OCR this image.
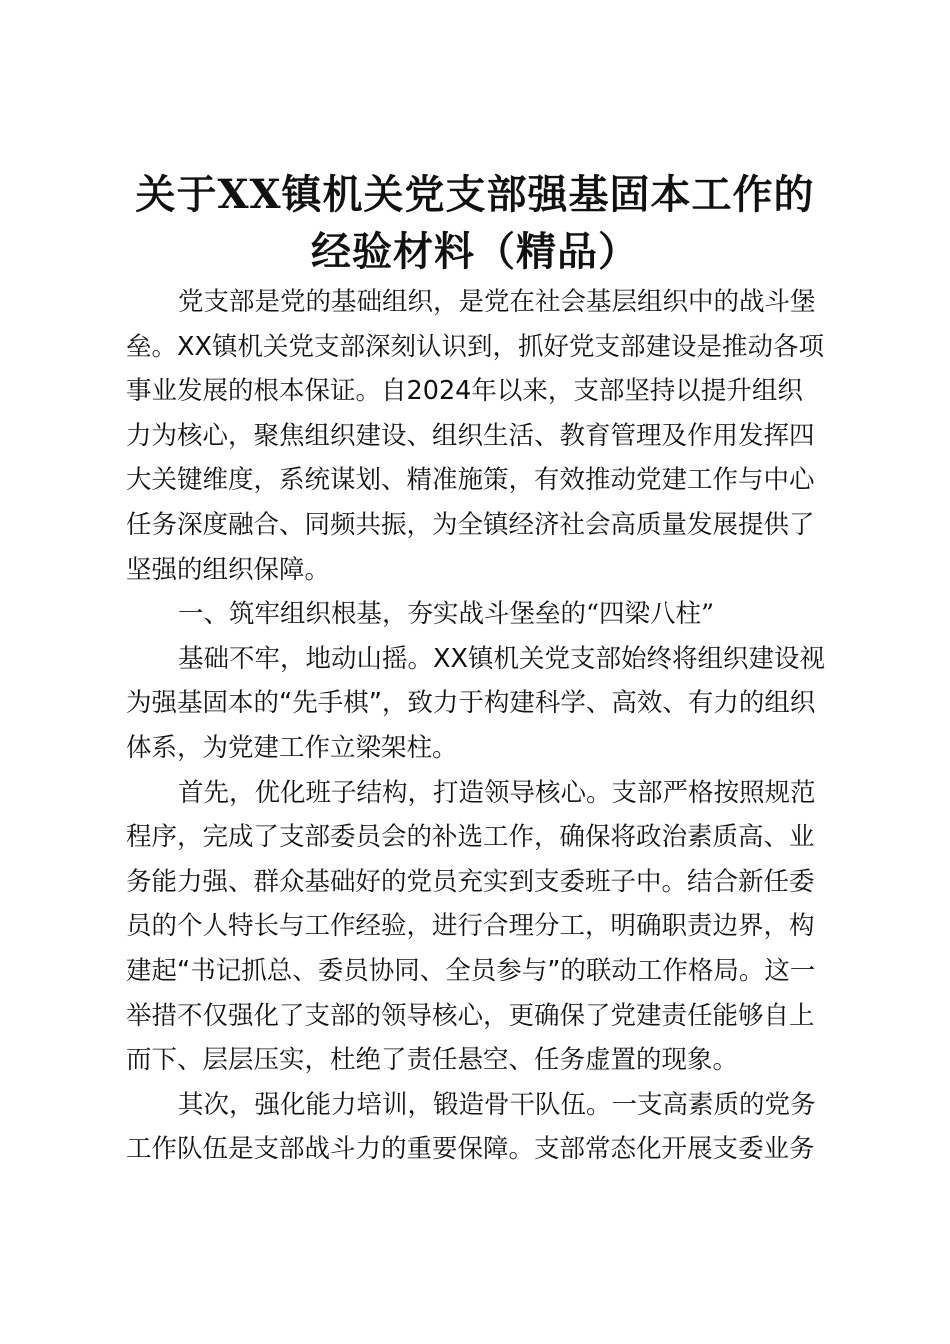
关于XX镇机关党支部强基固本工作的
经验材料（精品）
党支部是党的基础组织，是党在社会基层组织中的战斗堡
垒。XX镇机关党支部深刻认识到，抓好党支部建设是推动各项
事业发展的根本保证。自2024年以来，支部坚持以提升组织
力为核心，聚焦组织建设、组织生活、教育管理及作用发挥四
大关键维度，系统谋划、精准施策，有效推动党建工作与中心
任务深度融合、同频共振，为全镇经济社会高质量发展提供了
坚强的组织保障。
一、筑牢组织根基，夯实战斗堡垒的“四梁八柱”
基础不牢，地动山摇。XX镇机关党支部始终将组织建设视
为强基固本的“先手棋”，致力于构建科学、高效、有力的组织
体系，为党建工作立梁架柱。
首先，优化班子结构，打造领导核心。支部严格按照规范
程序，完成了支部委员会的补选工作，确保将政治素质高、业
务能力强、群众基础好的党员充实到支委班子中。结合新任委
员的个人特长与工作经验，进行合理分工，明确职责边界，构
建起“书记抓总、委员协同、全员参与”的联动工作格局。这一
举措不仅强化了支部的领导核心，更确保了党建责任能够自上
而下、层层压实，杜绝了责任悬空、任务虚置的现象。
其次，强化能力培训，锻造骨干队伍。一支高素质的党务
工作队伍是支部战斗力的重要保障。支部常态化开展支委业务
